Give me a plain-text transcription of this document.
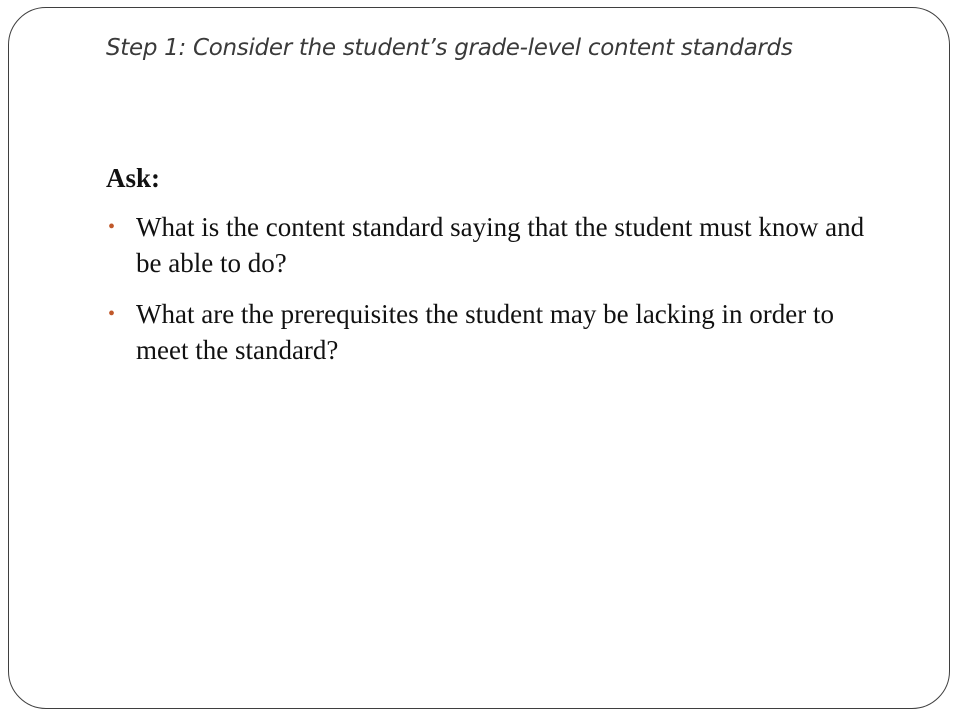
Step 1: Consider the student’s grade-level content standards

Ask:

• What is the content standard saying that the student must know and be able to do?
• What are the prerequisites the student may be lacking in order to meet the standard?
